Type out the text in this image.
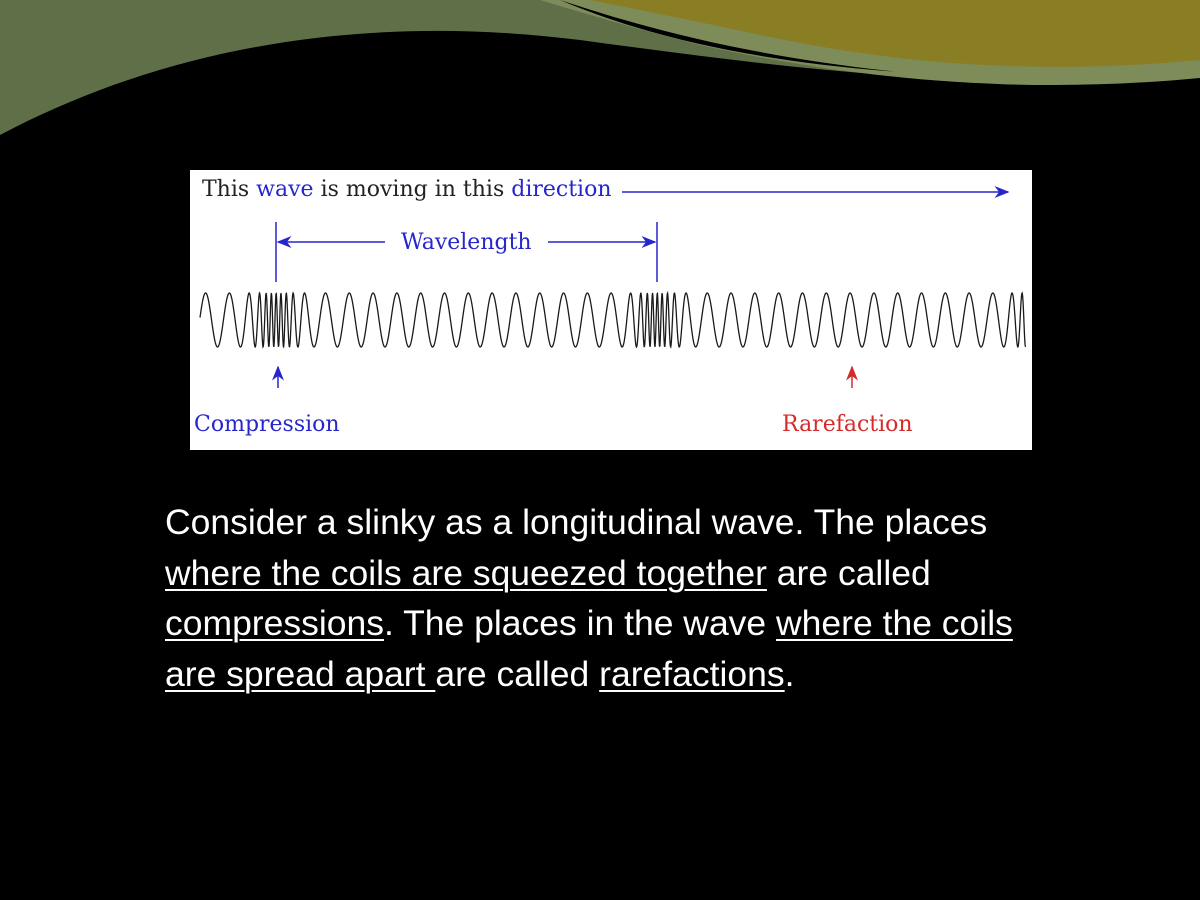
This wave is moving in this direction
Wavelength
Compression	Rarefaction

Consider a slinky as a longitudinal wave. The places where the coils are squeezed together are called compressions. The places in the wave where the coils are spread apart are called rarefactions.
